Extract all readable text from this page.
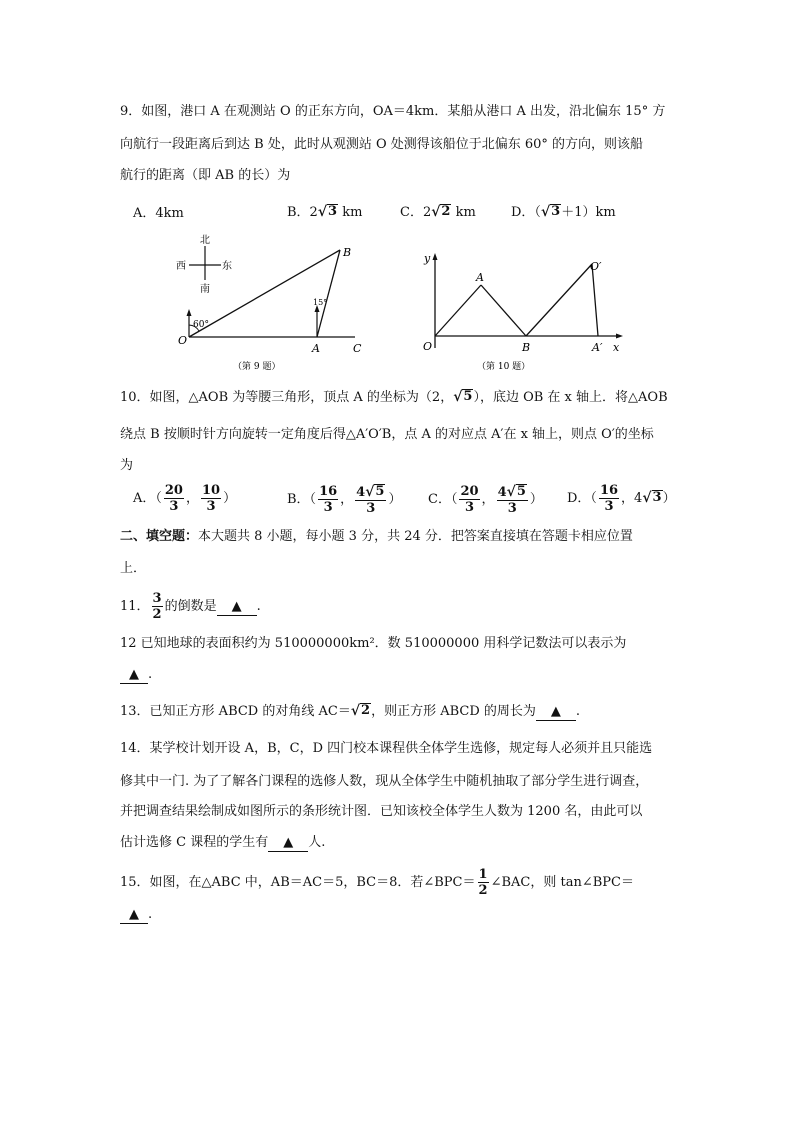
9．如图，港口 A 在观测站 O 的正东方向，OA＝4km．某船从港口 A 出发，沿北偏东 15° 方
向航行一段距离后到达 B 处，此时从观测站 O 处测得该船位于北偏东 60° 的方向，则该船
航行的距离（即 AB 的长）为
A．4km	B．2 √ 3 km	C．2 √ 2 km	D．（ √ 3 ＋1）km
北
南
西	东
60°
15°
O
A
B
C
（第 9 题）
y
x
O
A
B
O′
A′
（第 10 题）
10．如图，△AOB 为等腰三角形，顶点 A 的坐标为（2， √ 5 ），底边 OB 在 x 轴上．将△AOB
绕点 B 按顺时针方向旋转一定角度后得△A′O′B，点 A 的对应点 A′在 x 轴上，则点 O′的坐标
为
A．（ $\frac{20}{3}$ ， $\frac{10}{3}$ ）	B．（ $\frac{16}{3}$ ， $\frac{4 √ 5}{3}$ ） C．（ $\frac{20}{3}$ ， $\frac{4 √ 5}{3}$ ） D．（ $\frac{16}{3}$ ，4 √ 3 ）
二、填空题：本大题共 8 小题，每小题 3 分，共 24 分．把答案直接填在答题卡相应位置
上．
11． $\frac{3}{2}$ 的倒数是 ▲ .
12 已知地球的表面积约为 510000000km²．数 510000000 用科学记数法可以表示为
▲ .
13．已知正方形 ABCD 的对角线 AC＝ √ 2 ，则正方形 ABCD 的周长为 ▲ .
14．某学校计划开设 A，B，C，D 四门校本课程供全体学生选修，规定每人必须并且只能选
修其中一门. 为了了解各门课程的选修人数，现从全体学生中随机抽取了部分学生进行调查，
并把调查结果绘制成如图所示的条形统计图．已知该校全体学生人数为 1200 名，由此可以
估计选修 C 课程的学生有 ▲ 人.
15．如图，在△ABC 中，AB＝AC＝5，BC＝8．若∠BPC＝ $\frac{1}{2}$ ∠BAC，则 tan∠BPC＝
▲ .
